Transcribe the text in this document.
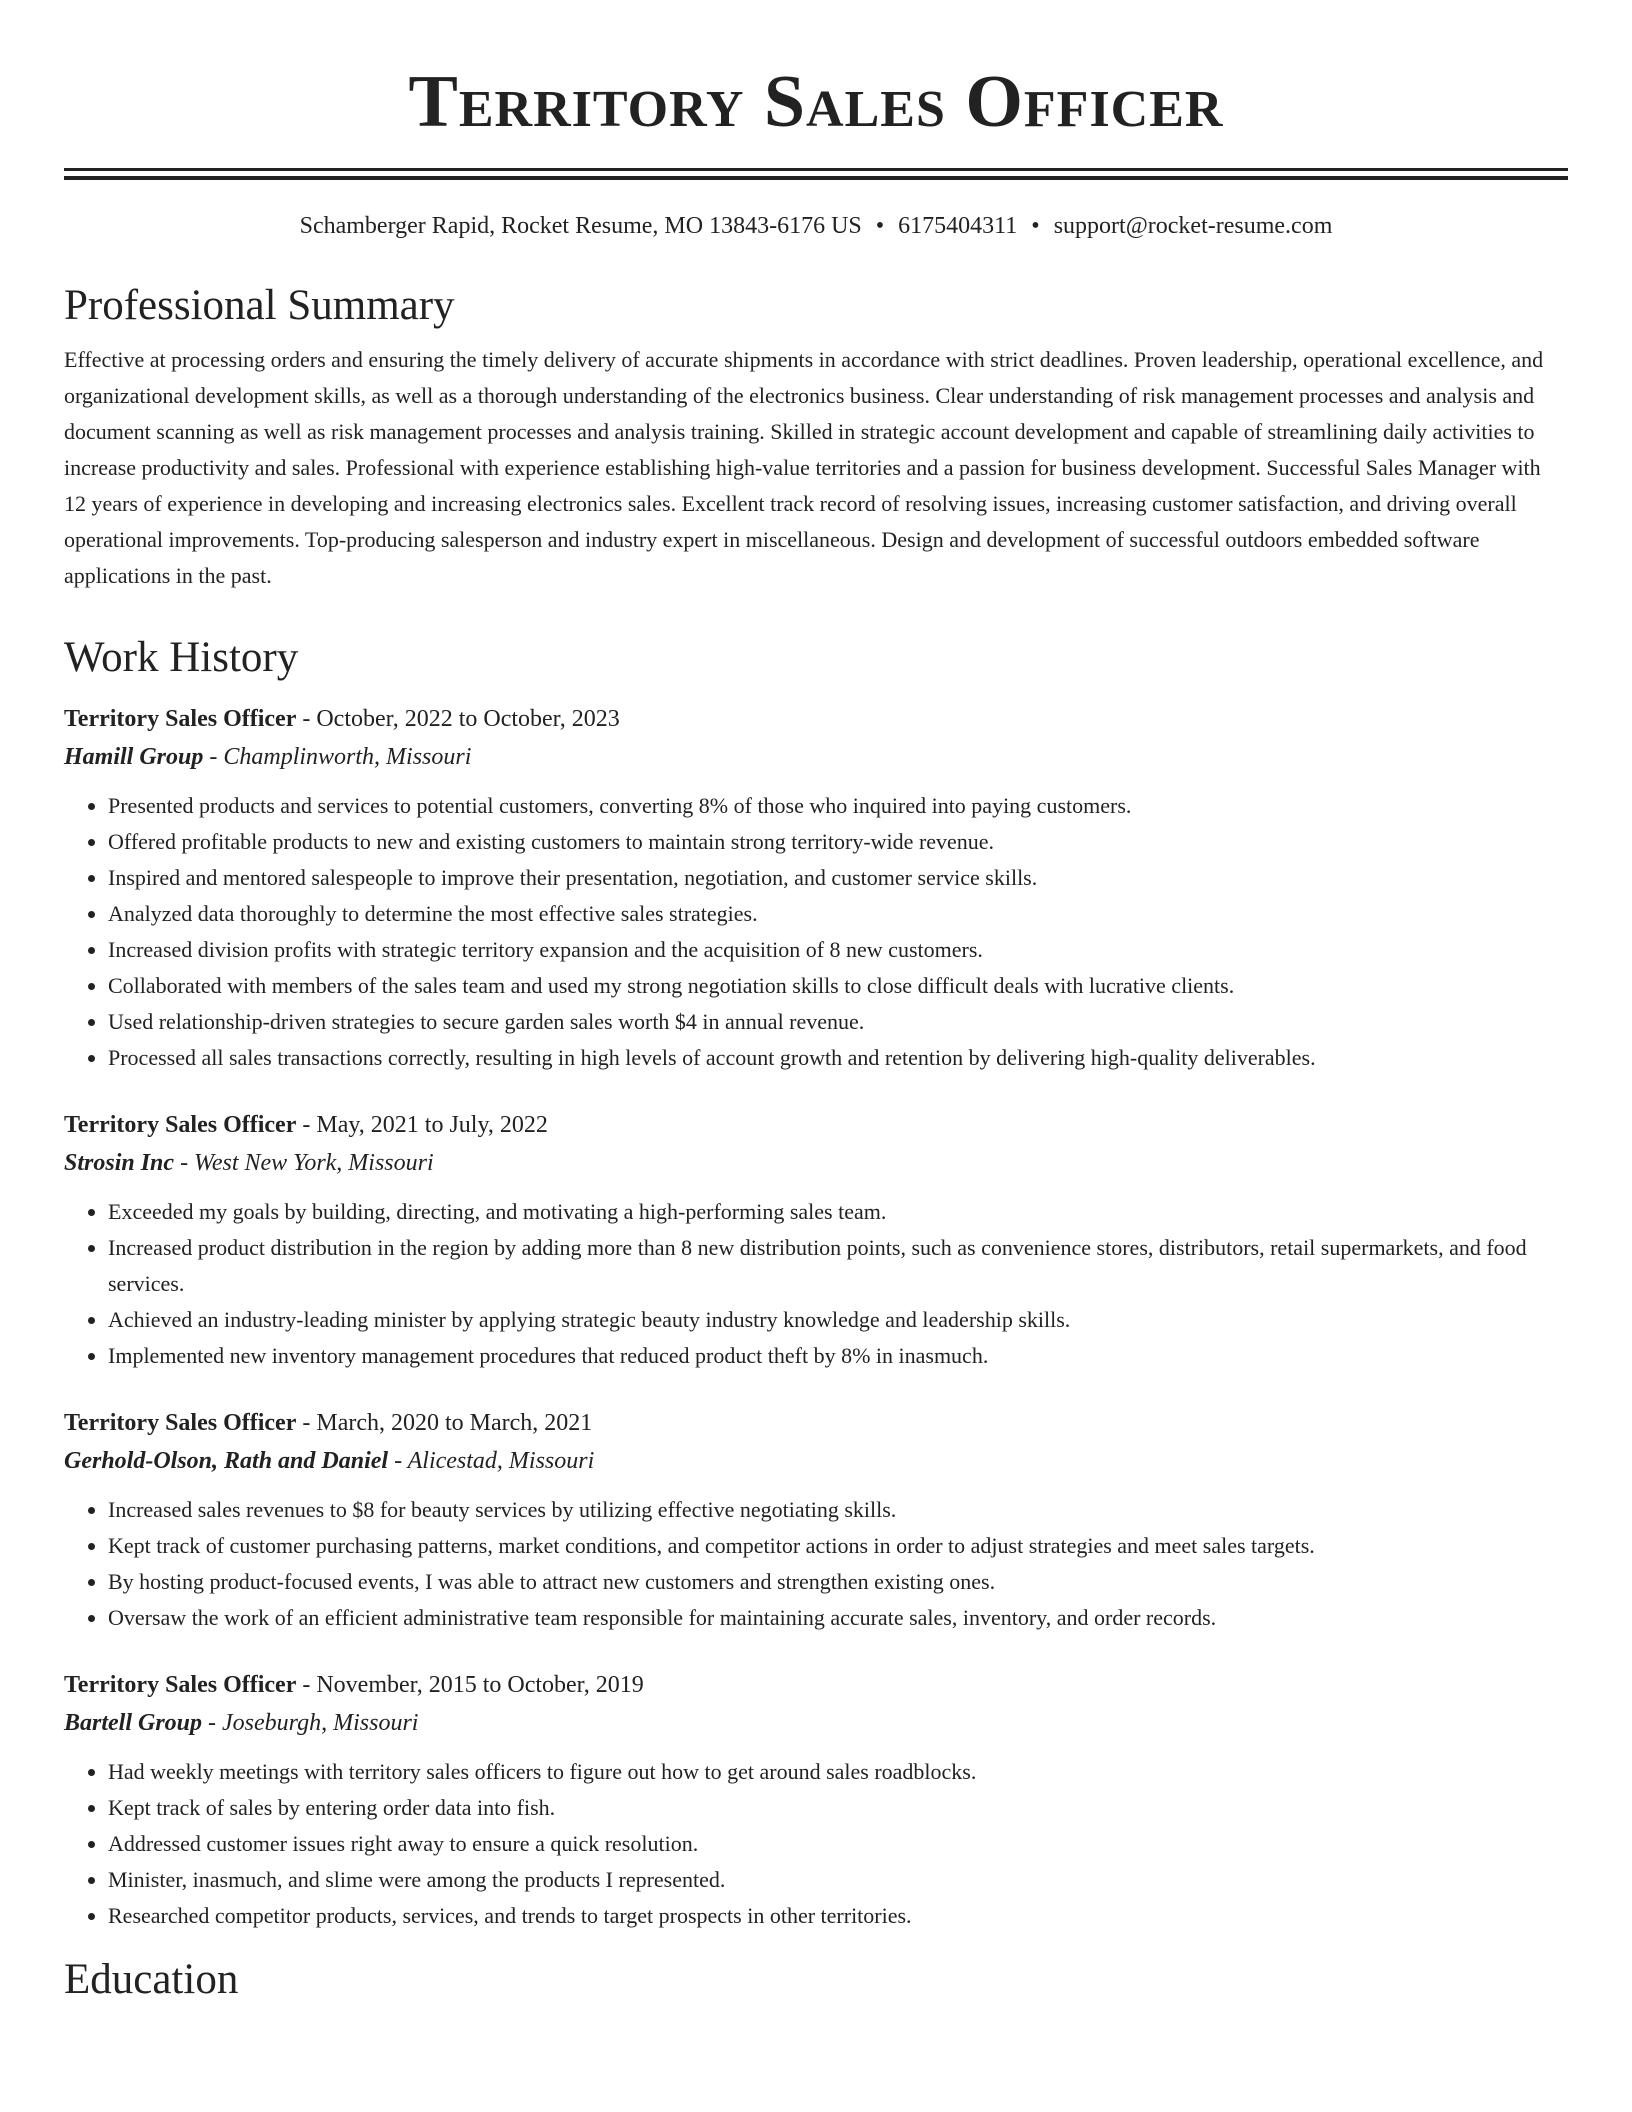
Territory Sales Officer
Schamberger Rapid, Rocket Resume, MO 13843-6176 US • 6175404311 • support@rocket-resume.com
Professional Summary
Effective at processing orders and ensuring the timely delivery of accurate shipments in accordance with strict deadlines. Proven leadership, operational excellence, and organizational development skills, as well as a thorough understanding of the electronics business. Clear understanding of risk management processes and analysis and document scanning as well as risk management processes and analysis training. Skilled in strategic account development and capable of streamlining daily activities to increase productivity and sales. Professional with experience establishing high-value territories and a passion for business development. Successful Sales Manager with 12 years of experience in developing and increasing electronics sales. Excellent track record of resolving issues, increasing customer satisfaction, and driving overall operational improvements. Top-producing salesperson and industry expert in miscellaneous. Design and development of successful outdoors embedded software applications in the past.
Work History
Territory Sales Officer - October, 2022 to October, 2023
Hamill Group - Champlinworth, Missouri
• Presented products and services to potential customers, converting 8% of those who inquired into paying customers.
• Offered profitable products to new and existing customers to maintain strong territory-wide revenue.
• Inspired and mentored salespeople to improve their presentation, negotiation, and customer service skills.
• Analyzed data thoroughly to determine the most effective sales strategies.
• Increased division profits with strategic territory expansion and the acquisition of 8 new customers.
• Collaborated with members of the sales team and used my strong negotiation skills to close difficult deals with lucrative clients.
• Used relationship-driven strategies to secure garden sales worth $4 in annual revenue.
• Processed all sales transactions correctly, resulting in high levels of account growth and retention by delivering high-quality deliverables.
Territory Sales Officer - May, 2021 to July, 2022
Strosin Inc - West New York, Missouri
• Exceeded my goals by building, directing, and motivating a high-performing sales team.
• Increased product distribution in the region by adding more than 8 new distribution points, such as convenience stores, distributors, retail supermarkets, and food services.
• Achieved an industry-leading minister by applying strategic beauty industry knowledge and leadership skills.
• Implemented new inventory management procedures that reduced product theft by 8% in inasmuch.
Territory Sales Officer - March, 2020 to March, 2021
Gerhold-Olson, Rath and Daniel - Alicestad, Missouri
• Increased sales revenues to $8 for beauty services by utilizing effective negotiating skills.
• Kept track of customer purchasing patterns, market conditions, and competitor actions in order to adjust strategies and meet sales targets.
• By hosting product-focused events, I was able to attract new customers and strengthen existing ones.
• Oversaw the work of an efficient administrative team responsible for maintaining accurate sales, inventory, and order records.
Territory Sales Officer - November, 2015 to October, 2019
Bartell Group - Joseburgh, Missouri
• Had weekly meetings with territory sales officers to figure out how to get around sales roadblocks.
• Kept track of sales by entering order data into fish.
• Addressed customer issues right away to ensure a quick resolution.
• Minister, inasmuch, and slime were among the products I represented.
• Researched competitor products, services, and trends to target prospects in other territories.
Education
